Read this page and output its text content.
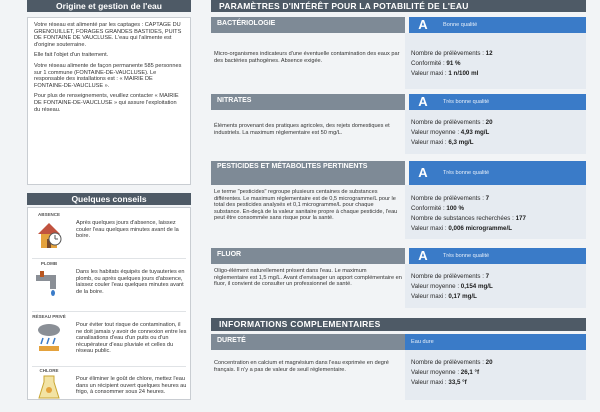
Origine et gestion de l'eau

Votre réseau est alimenté par les captages : CAPTAGE DU GRENOUILLET, FORAGES GRANDES BASTIDES, PUITS DE FONTAINE DE VAUCLUSE. L'eau qui l'alimente est d'origine souterraine.

Elle fait l'objet d'un traitement.

Votre réseau alimente de façon permanente 585 personnes sur 1 commune (FONTAINE-DE-VAUCLUSE). Le responsable des installations est : « MAIRIE DE FONTAINE-DE-VAUCLUSE ».

Pour plus de renseignements, veuillez contacter « MAIRIE DE FONTAINE-DE-VAUCLUSE » qui assure l'exploitation du réseau.

Quelques conseils
ABSENCE
Après quelques jours d'absence, laissez couler l'eau quelques minutes avant de la boire.
PLOMB
Dans les habitats équipés de tuyauteries en plomb, ou après quelques jours d'absence, laissez couler l'eau quelques minutes avant de la boire.
RÉSEAU PRIVÉ
Pour éviter tout risque de contamination, il ne doit jamais y avoir de connexion entre les canalisations d'eau d'un puits ou d'un récupérateur d'eau pluviale et celles du réseau public.
CHLORE
Pour éliminer le goût de chlore, mettez l'eau dans un récipient ouvert quelques heures au frigo, à consommer sous 24 heures.
PARAMÈTRES D'INTÉRÊT POUR LA POTABILITÉ DE L'EAU
BACTÉRIOLOGIE	A	Bonne qualité
Micro-organismes indicateurs d'une éventuelle contamination des eaux par des bactéries pathogènes. Absence exigée.
Nombre de prélèvements : 12
Conformité : 91 %
Valeur maxi : 1 n/100 ml
NITRATES	A	Très bonne qualité
Éléments provenant des pratiques agricoles, des rejets domestiques et industriels. La maximum réglementaire est 50 mg/L.
Nombre de prélèvements : 20
Valeur moyenne : 4,93 mg/L
Valeur maxi : 6,3 mg/L
PESTICIDES ET MÉTABOLITES PERTINENTS	A	Très bonne qualité
Le terme "pesticides" regroupe plusieurs centaines de substances différentes. Le maximum réglementaire est de 0,5 microgramme/L pour le total des pesticides analysés et 0,1 microgramme/L pour chaque substance. En-deçà de la valeur sanitaire propre à chaque pesticide, l'eau peut être consommée sans risque pour la santé.
Nombre de prélèvements : 7
Conformité : 100 %
Nombre de substances recherchées : 177
Valeur maxi : 0,006 microgramme/L
FLUOR	A	Très bonne qualité
Oligo-élément naturellement présent dans l'eau. Le maximum réglementaire est 1,5 mg/L. Avant d'envisager un apport complémentaire en fluor, il convient de consulter un professionnel de santé.
Nombre de prélèvements : 7
Valeur moyenne : 0,154 mg/L
Valeur maxi : 0,17 mg/L
INFORMATIONS COMPLEMENTAIRES
DURETÉ	Eau dure
Concentration en calcium et magnésium dans l'eau exprimée en degré français. Il n'y a pas de valeur de seuil réglementaire.
Nombre de prélèvements : 20
Valeur moyenne : 26,1 °f
Valeur maxi : 33,5 °f
